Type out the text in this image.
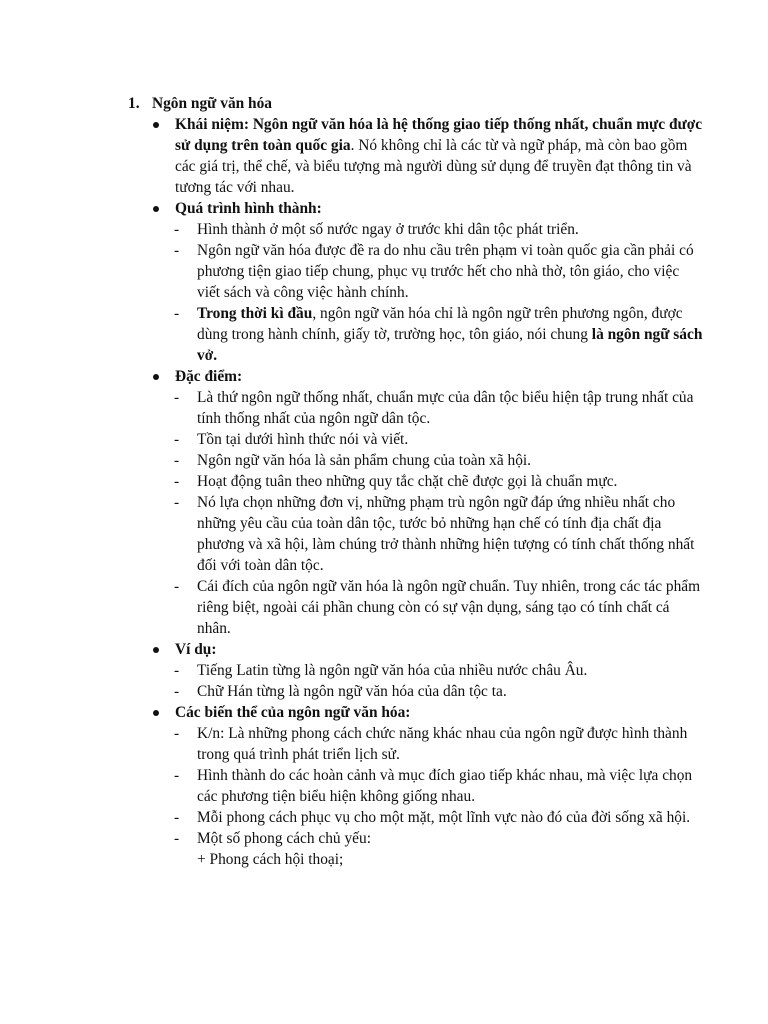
1. Ngôn ngữ văn hóa
Khái niệm: Ngôn ngữ văn hóa là hệ thống giao tiếp thống nhất, chuẩn mực được sử dụng trên toàn quốc gia. Nó không chỉ là các từ và ngữ pháp, mà còn bao gồm các giá trị, thể chế, và biểu tượng mà người dùng sử dụng để truyền đạt thông tin và tương tác với nhau.
Quá trình hình thành:
- Hình thành ở một số nước ngay ở trước khi dân tộc phát triển.
- Ngôn ngữ văn hóa được đề ra do nhu cầu trên phạm vi toàn quốc gia cần phải có phương tiện giao tiếp chung, phục vụ trước hết cho nhà thờ, tôn giáo, cho việc viết sách và công việc hành chính.
- Trong thời kì đầu, ngôn ngữ văn hóa chỉ là ngôn ngữ trên phương ngôn, được dùng trong hành chính, giấy tờ, trường học, tôn giáo, nói chung là ngôn ngữ sách vở.
Đặc điểm:
- Là thứ ngôn ngữ thống nhất, chuẩn mực của dân tộc biểu hiện tập trung nhất của tính thống nhất của ngôn ngữ dân tộc.
- Tồn tại dưới hình thức nói và viết.
- Ngôn ngữ văn hóa là sản phẩm chung của toàn xã hội.
- Hoạt động tuân theo những quy tắc chặt chẽ được gọi là chuẩn mực.
- Nó lựa chọn những đơn vị, những phạm trù ngôn ngữ đáp ứng nhiều nhất cho những yêu cầu của toàn dân tộc, tước bỏ những hạn chế có tính địa chất địa phương và xã hội, làm chúng trở thành những hiện tượng có tính chất thống nhất đối với toàn dân tộc.
- Cái đích của ngôn ngữ văn hóa là ngôn ngữ chuẩn. Tuy nhiên, trong các tác phẩm riêng biệt, ngoài cái phần chung còn có sự vận dụng, sáng tạo có tính chất cá nhân.
Ví dụ:
- Tiếng Latin từng là ngôn ngữ văn hóa của nhiều nước châu Âu.
- Chữ Hán từng là ngôn ngữ văn hóa của dân tộc ta.
Các biến thể của ngôn ngữ văn hóa:
- K/n: Là những phong cách chức năng khác nhau của ngôn ngữ được hình thành trong quá trình phát triển lịch sử.
- Hình thành do các hoàn cảnh và mục đích giao tiếp khác nhau, mà việc lựa chọn các phương tiện biểu hiện không giống nhau.
- Mỗi phong cách phục vụ cho một mặt, một lĩnh vực nào đó của đời sống xã hội.
- Một số phong cách chủ yếu:
+ Phong cách hội thoại;
